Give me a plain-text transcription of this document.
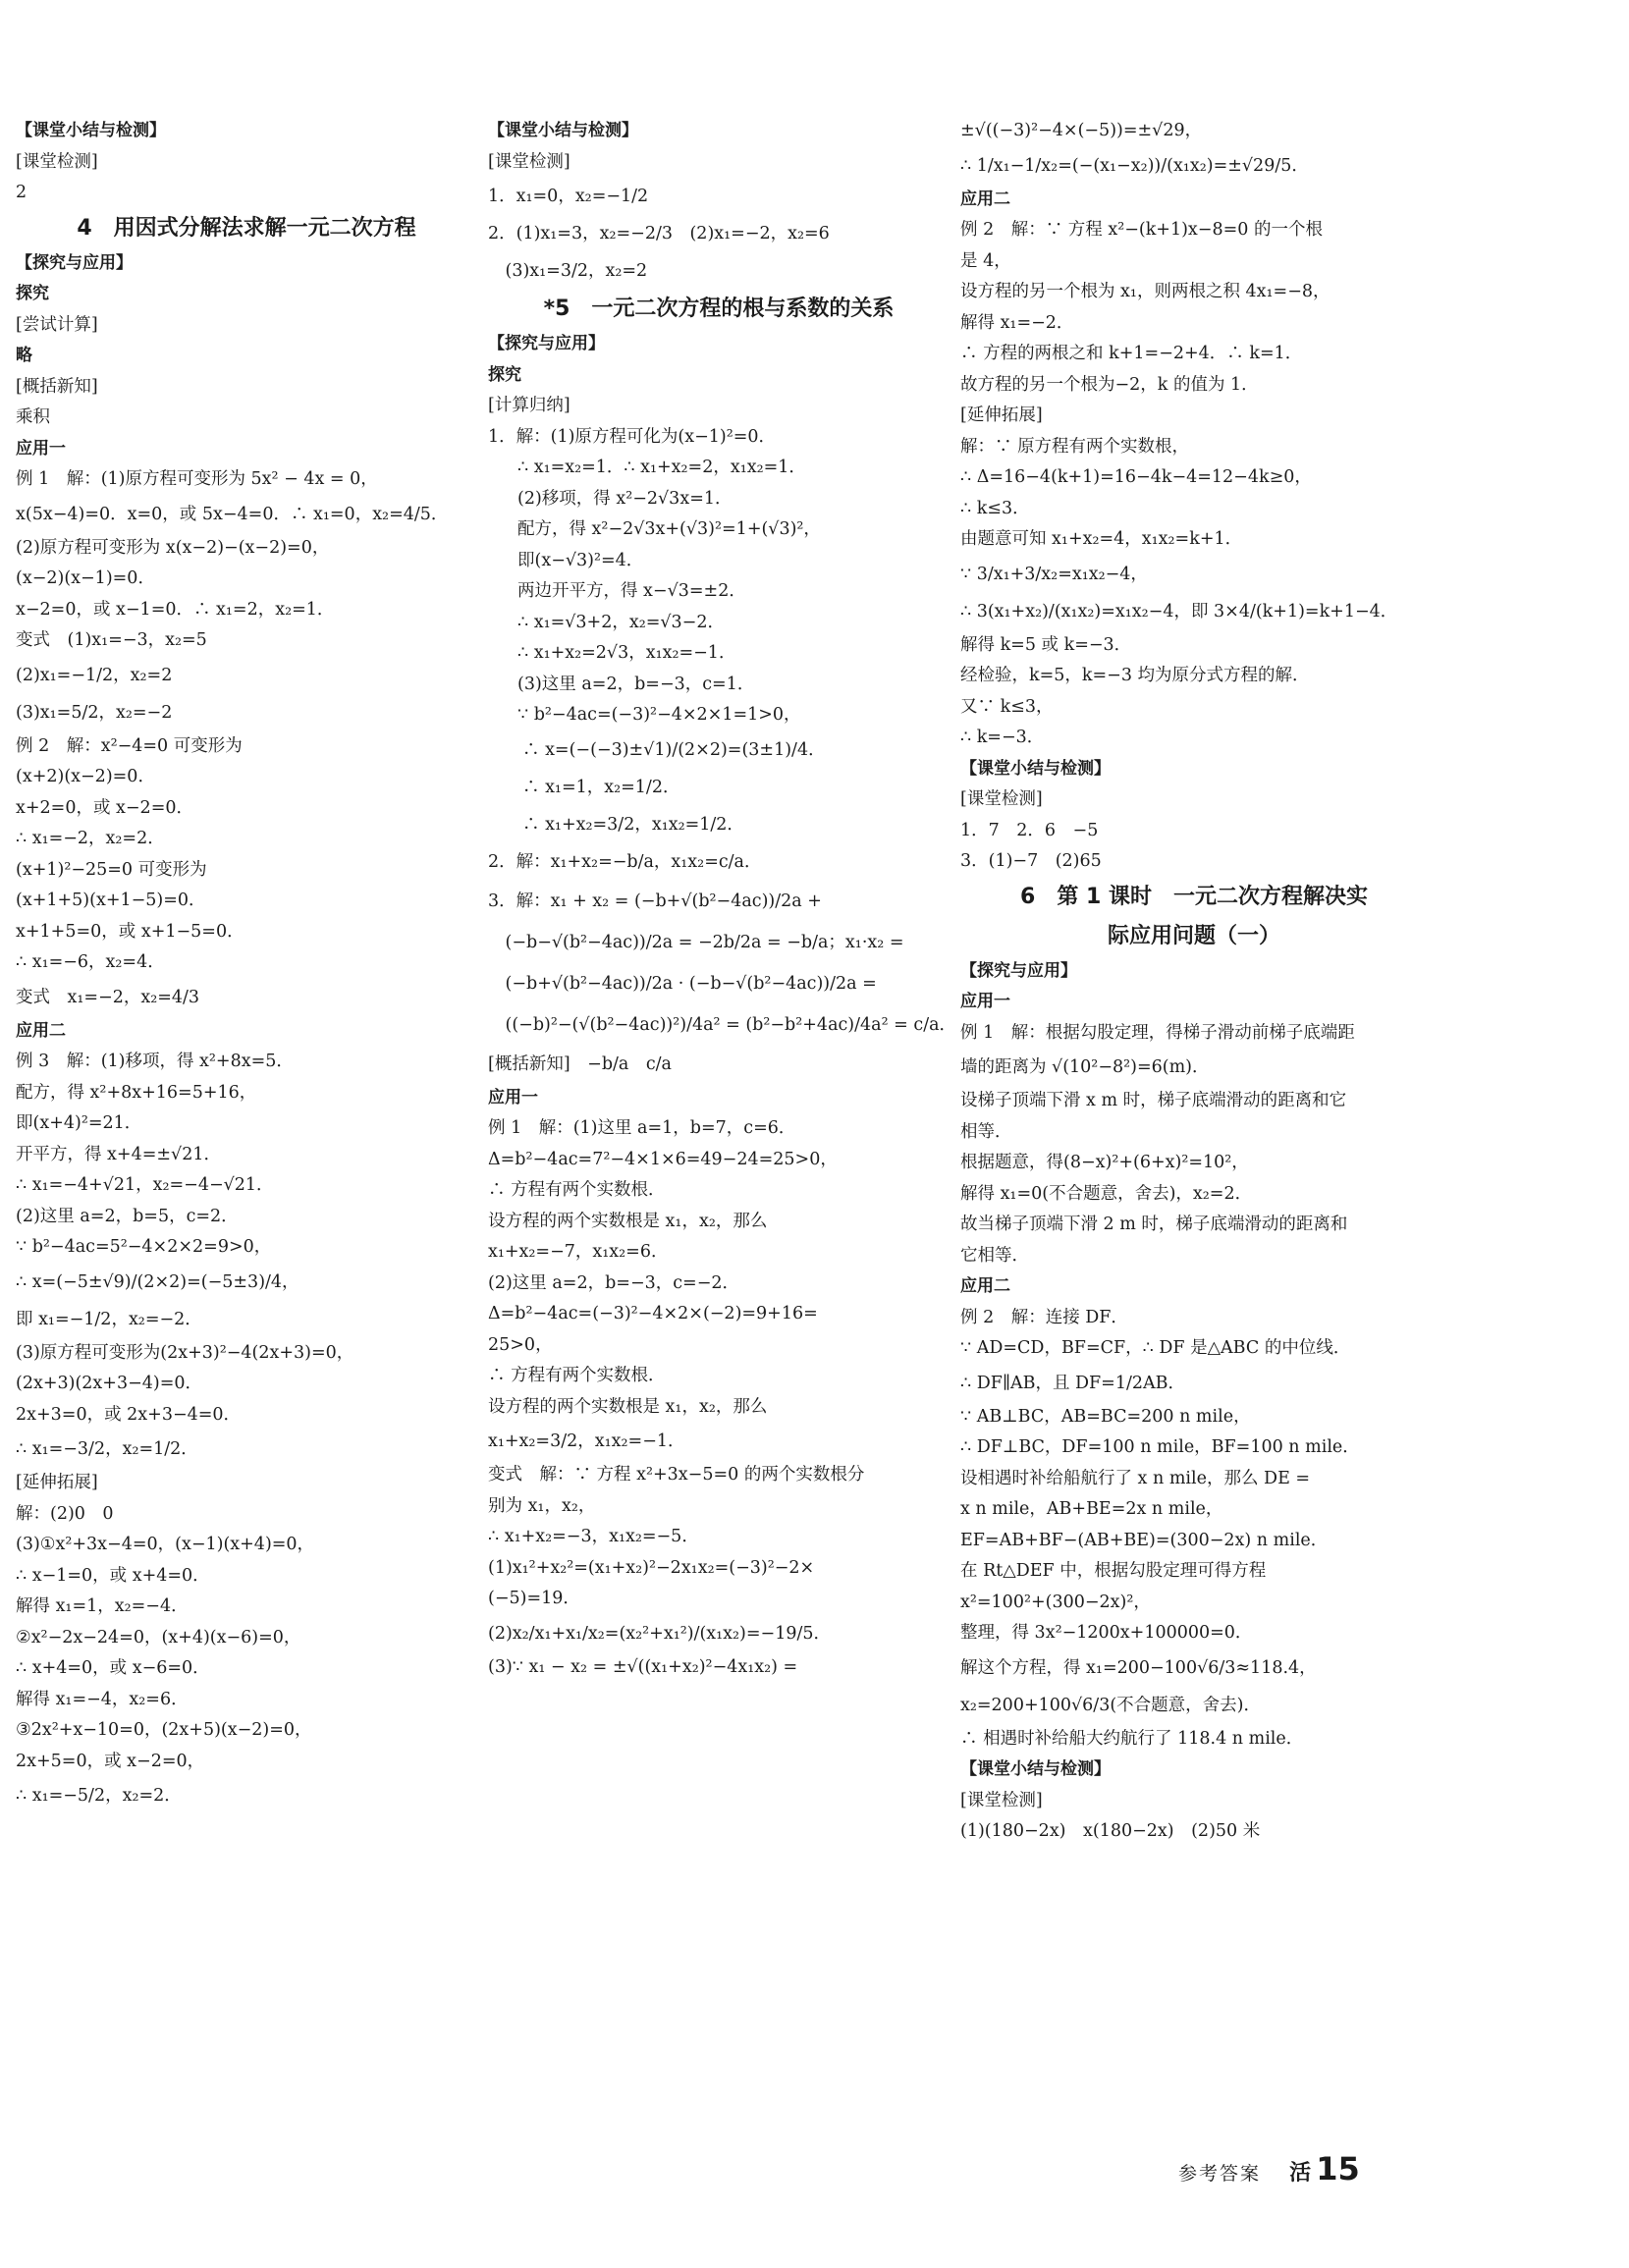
【课堂小结与检测】

[课堂检测]

2

4　用因式分解法求解一元二次方程

【探究与应用】

探究

[尝试计算]

略

[概括新知]

乘积

应用一

例 1　解：(1)原方程可变形为 5x² − 4x = 0，

x(5x−4)=0．x=0，或 5x−4=0．∴ x₁=0，x₂=4/5．

(2)原方程可变形为 x(x−2)−(x−2)=0，

(x−2)(x−1)=0．

x−2=0，或 x−1=0．∴ x₁=2，x₂=1．

变式　(1)x₁=−3，x₂=5

(2)x₁=−1/2，x₂=2

(3)x₁=5/2，x₂=−2

例 2　解：x²−4=0 可变形为

(x+2)(x−2)=0．

x+2=0，或 x−2=0．

∴ x₁=−2，x₂=2．

(x+1)²−25=0 可变形为

(x+1+5)(x+1−5)=0．

x+1+5=0，或 x+1−5=0．

∴ x₁=−6，x₂=4．

变式　x₁=−2，x₂=4/3

应用二

例 3　解：(1)移项，得 x²+8x=5．

配方，得 x²+8x+16=5+16，

即(x+4)²=21．

开平方，得 x+4=±√21．

∴ x₁=−4+√21，x₂=−4−√21．

(2)这里 a=2，b=5，c=2．

∵ b²−4ac=5²−4×2×2=9>0，

∴ x=(−5±√9)/(2×2)=(−5±3)/4，

即 x₁=−1/2，x₂=−2．

(3)原方程可变形为(2x+3)²−4(2x+3)=0，

(2x+3)(2x+3−4)=0．

2x+3=0，或 2x+3−4=0．

∴ x₁=−3/2，x₂=1/2．

[延伸拓展]

解：(2)0　0

(3)①x²+3x−4=0，(x−1)(x+4)=0，

∴ x−1=0，或 x+4=0．

解得 x₁=1，x₂=−4．

②x²−2x−24=0，(x+4)(x−6)=0，

∴ x+4=0，或 x−6=0．

解得 x₁=−4，x₂=6．

③2x²+x−10=0，(2x+5)(x−2)=0，

2x+5=0，或 x−2=0，

∴ x₁=−5/2，x₂=2．

【课堂小结与检测】

[课堂检测]

1．x₁=0，x₂=−1/2

2．(1)x₁=3，x₂=−2/3　(2)x₁=−2，x₂=6

　(3)x₁=3/2，x₂=2

*5　一元二次方程的根与系数的关系

【探究与应用】

探究

[计算归纳]

1．解：(1)原方程可化为(x−1)²=0．

∴ x₁=x₂=1．∴ x₁+x₂=2，x₁x₂=1．

(2)移项，得 x²−2√3x=1．

配方，得 x²−2√3x+(√3)²=1+(√3)²，

即(x−√3)²=4．

两边开平方，得 x−√3=±2．

∴ x₁=√3+2，x₂=√3−2．

∴ x₁+x₂=2√3，x₁x₂=−1．

(3)这里 a=2，b=−3，c=1．

∵ b²−4ac=(−3)²−4×2×1=1>0，

　　∴ x=(−(−3)±√1)/(2×2)=(3±1)/4．

　　∴ x₁=1，x₂=1/2．

　　∴ x₁+x₂=3/2，x₁x₂=1/2．

2．解：x₁+x₂=−b/a，x₁x₂=c/a．

3．解：x₁ + x₂ = (−b+√(b²−4ac))/2a +

　(−b−√(b²−4ac))/2a = −2b/2a = −b/a；x₁·x₂ =

　(−b+√(b²−4ac))/2a · (−b−√(b²−4ac))/2a =

　((−b)²−(√(b²−4ac))²)/4a² = (b²−b²+4ac)/4a² = c/a．

[概括新知]　−b/a　c/a

应用一

例 1　解：(1)这里 a=1，b=7，c=6．

Δ=b²−4ac=7²−4×1×6=49−24=25>0，

∴ 方程有两个实数根．

设方程的两个实数根是 x₁，x₂，那么

x₁+x₂=−7，x₁x₂=6．

(2)这里 a=2，b=−3，c=−2．

Δ=b²−4ac=(−3)²−4×2×(−2)=9+16=

25>0，

∴ 方程有两个实数根．

设方程的两个实数根是 x₁，x₂，那么

x₁+x₂=3/2，x₁x₂=−1．

变式　解：∵ 方程 x²+3x−5=0 的两个实数根分

别为 x₁，x₂，

∴ x₁+x₂=−3，x₁x₂=−5．

(1)x₁²+x₂²=(x₁+x₂)²−2x₁x₂=(−3)²−2×

(−5)=19．

(2)x₂/x₁+x₁/x₂=(x₂²+x₁²)/(x₁x₂)=−19/5．

(3)∵ x₁ − x₂ = ±√((x₁+x₂)²−4x₁x₂) =

±√((−3)²−4×(−5))=±√29，

∴ 1/x₁−1/x₂=(−(x₁−x₂))/(x₁x₂)=±√29/5．

应用二

例 2　解：∵ 方程 x²−(k+1)x−8=0 的一个根

是 4，

设方程的另一个根为 x₁，则两根之积 4x₁=−8，

解得 x₁=−2．

∴ 方程的两根之和 k+1=−2+4．∴ k=1．

故方程的另一个根为−2，k 的值为 1．

[延伸拓展]

解：∵ 原方程有两个实数根，

∴ Δ=16−4(k+1)=16−4k−4=12−4k≥0，

∴ k≤3．

由题意可知 x₁+x₂=4，x₁x₂=k+1．

∵ 3/x₁+3/x₂=x₁x₂−4，

∴ 3(x₁+x₂)/(x₁x₂)=x₁x₂−4，即 3×4/(k+1)=k+1−4．

解得 k=5 或 k=−3．

经检验，k=5，k=−3 均为原分式方程的解．

又∵ k≤3，

∴ k=−3．

【课堂小结与检测】

[课堂检测]

1．7　2．6　−5

3．(1)−7　(2)65

6　第 1 课时　一元二次方程解决实

际应用问题（一）

【探究与应用】

应用一

例 1　解：根据勾股定理，得梯子滑动前梯子底端距

墙的距离为 √(10²−8²)=6(m)．

设梯子顶端下滑 x m 时，梯子底端滑动的距离和它

相等．

根据题意，得(8−x)²+(6+x)²=10²，

解得 x₁=0(不合题意，舍去)，x₂=2．

故当梯子顶端下滑 2 m 时，梯子底端滑动的距离和

它相等．

应用二

例 2　解：连接 DF．

∵ AD=CD，BF=CF，∴ DF 是△ABC 的中位线．

∴ DF∥AB，且 DF=1/2AB．

∵ AB⊥BC，AB=BC=200 n mile，

∴ DF⊥BC，DF=100 n mile，BF=100 n mile．

设相遇时补给船航行了 x n mile，那么 DE =

x n mile，AB+BE=2x n mile，

EF=AB+BF−(AB+BE)=(300−2x) n mile．

在 Rt△DEF 中，根据勾股定理可得方程

x²=100²+(300−2x)²，

整理，得 3x²−1200x+100000=0．

解这个方程，得 x₁=200−100√6/3≈118.4，

x₂=200+100√6/3(不合题意，舍去)．

∴ 相遇时补给船大约航行了 118.4 n mile．

【课堂小结与检测】

[课堂检测]

(1)(180−2x)　x(180−2x)　(2)50 米

参考答案 活 15
